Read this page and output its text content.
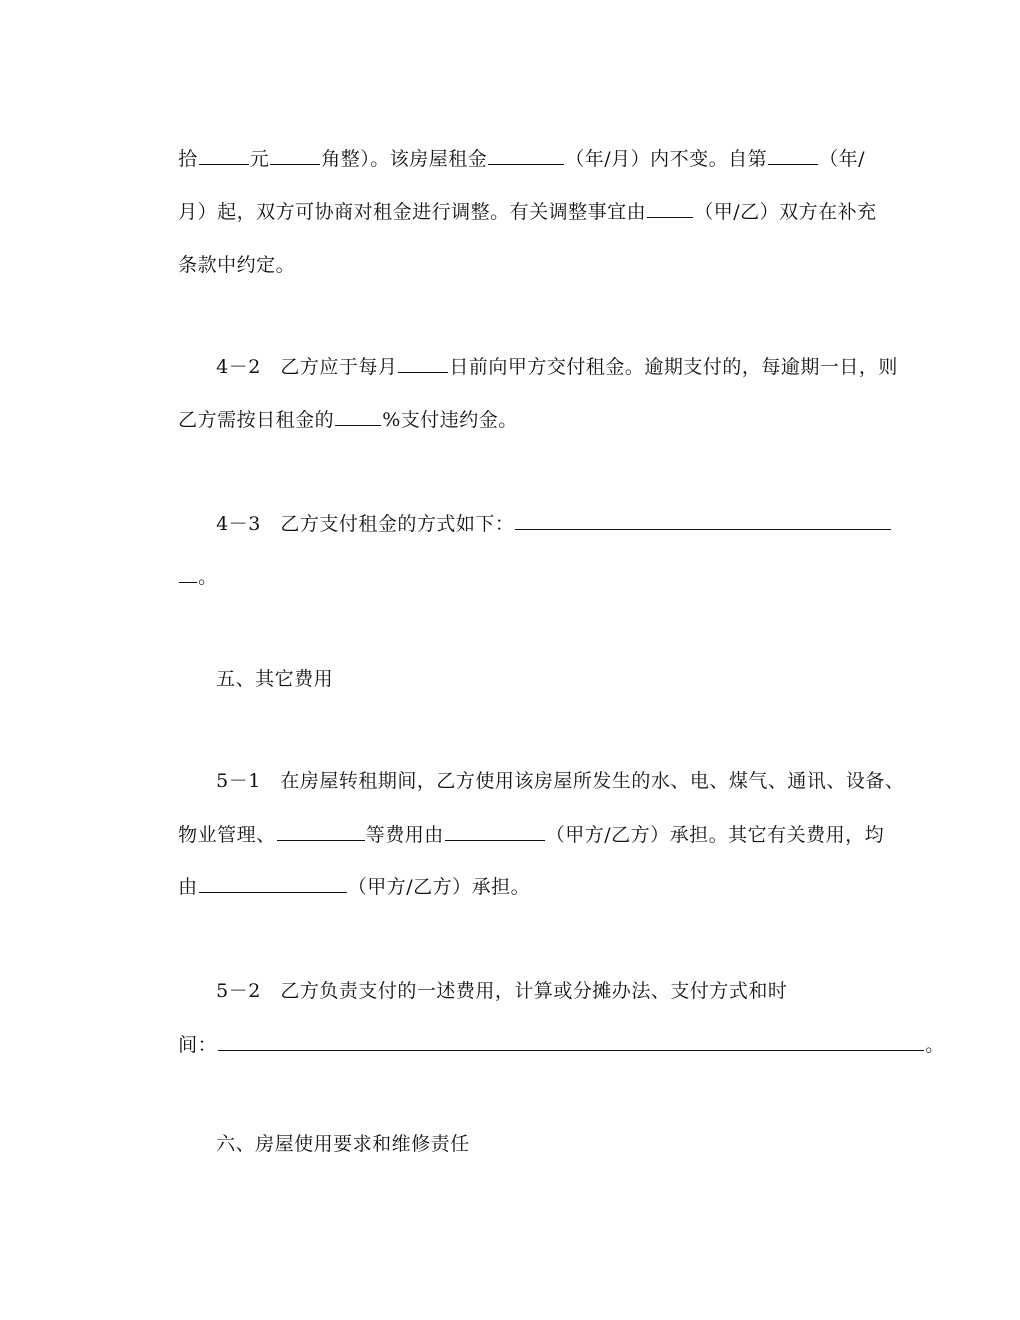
拾	元	角整）。该房屋租金	（年/月）内不变。自第	（年/

月）起，双方可协商对租金进行调整。有关调整事宜由	（甲/乙）双方在补充

条款中约定。

4－2　乙方应于每月	日前向甲方交付租金。逾期支付的，每逾期一日，则

乙方需按日租金的	%支付违约金。

4－3　乙方支付租金的方式如下：

。

五、其它费用

5－1　在房屋转租期间，乙方使用该房屋所发生的水、电、煤气、通讯、设备、

物业管理、	等费用由	（甲方/乙方）承担。其它有关费用，均

由	（甲方/乙方）承担。

5－2　乙方负责支付的一述费用，计算或分摊办法、支付方式和时

间：	。

六、房屋使用要求和维修责任
